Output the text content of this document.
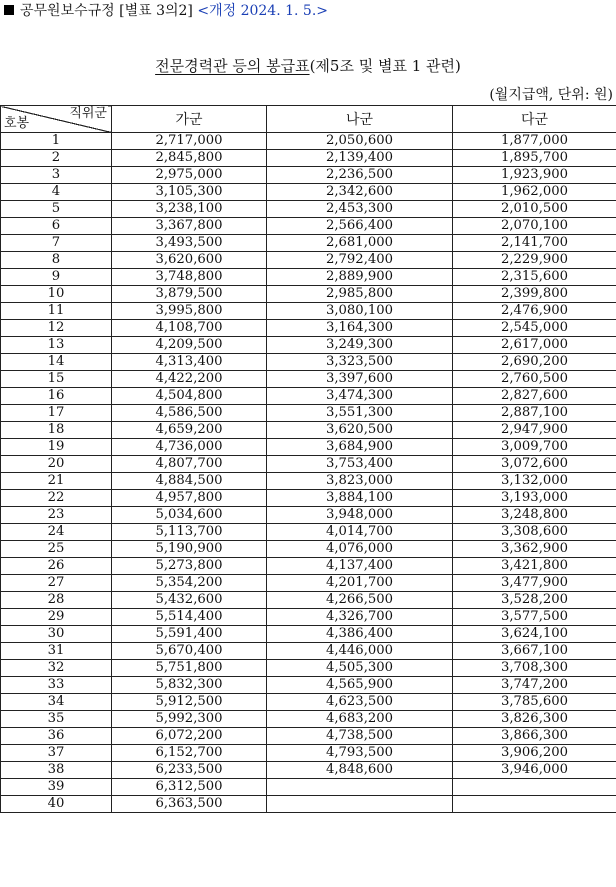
공무원보수규정 [별표 3의2] <개정 2024. 1. 5.>
전문경력관 등의 봉급표(제5조 및 별표 1 관련)
(월지급액, 단위: 원)
직위군
호봉	가군	나군	다군
1	2,717,000	2,050,600	1,877,000
2	2,845,800	2,139,400	1,895,700
3	2,975,000	2,236,500	1,923,900
4	3,105,300	2,342,600	1,962,000
5	3,238,100	2,453,300	2,010,500
6	3,367,800	2,566,400	2,070,100
7	3,493,500	2,681,000	2,141,700
8	3,620,600	2,792,400	2,229,900
9	3,748,800	2,889,900	2,315,600
10	3,879,500	2,985,800	2,399,800
11	3,995,800	3,080,100	2,476,900
12	4,108,700	3,164,300	2,545,000
13	4,209,500	3,249,300	2,617,000
14	4,313,400	3,323,500	2,690,200
15	4,422,200	3,397,600	2,760,500
16	4,504,800	3,474,300	2,827,600
17	4,586,500	3,551,300	2,887,100
18	4,659,200	3,620,500	2,947,900
19	4,736,000	3,684,900	3,009,700
20	4,807,700	3,753,400	3,072,600
21	4,884,500	3,823,000	3,132,000
22	4,957,800	3,884,100	3,193,000
23	5,034,600	3,948,000	3,248,800
24	5,113,700	4,014,700	3,308,600
25	5,190,900	4,076,000	3,362,900
26	5,273,800	4,137,400	3,421,800
27	5,354,200	4,201,700	3,477,900
28	5,432,600	4,266,500	3,528,200
29	5,514,400	4,326,700	3,577,500
30	5,591,400	4,386,400	3,624,100
31	5,670,400	4,446,000	3,667,100
32	5,751,800	4,505,300	3,708,300
33	5,832,300	4,565,900	3,747,200
34	5,912,500	4,623,500	3,785,600
35	5,992,300	4,683,200	3,826,300
36	6,072,200	4,738,500	3,866,300
37	6,152,700	4,793,500	3,906,200
38	6,233,500	4,848,600	3,946,000
39	6,312,500		
40	6,363,500		
